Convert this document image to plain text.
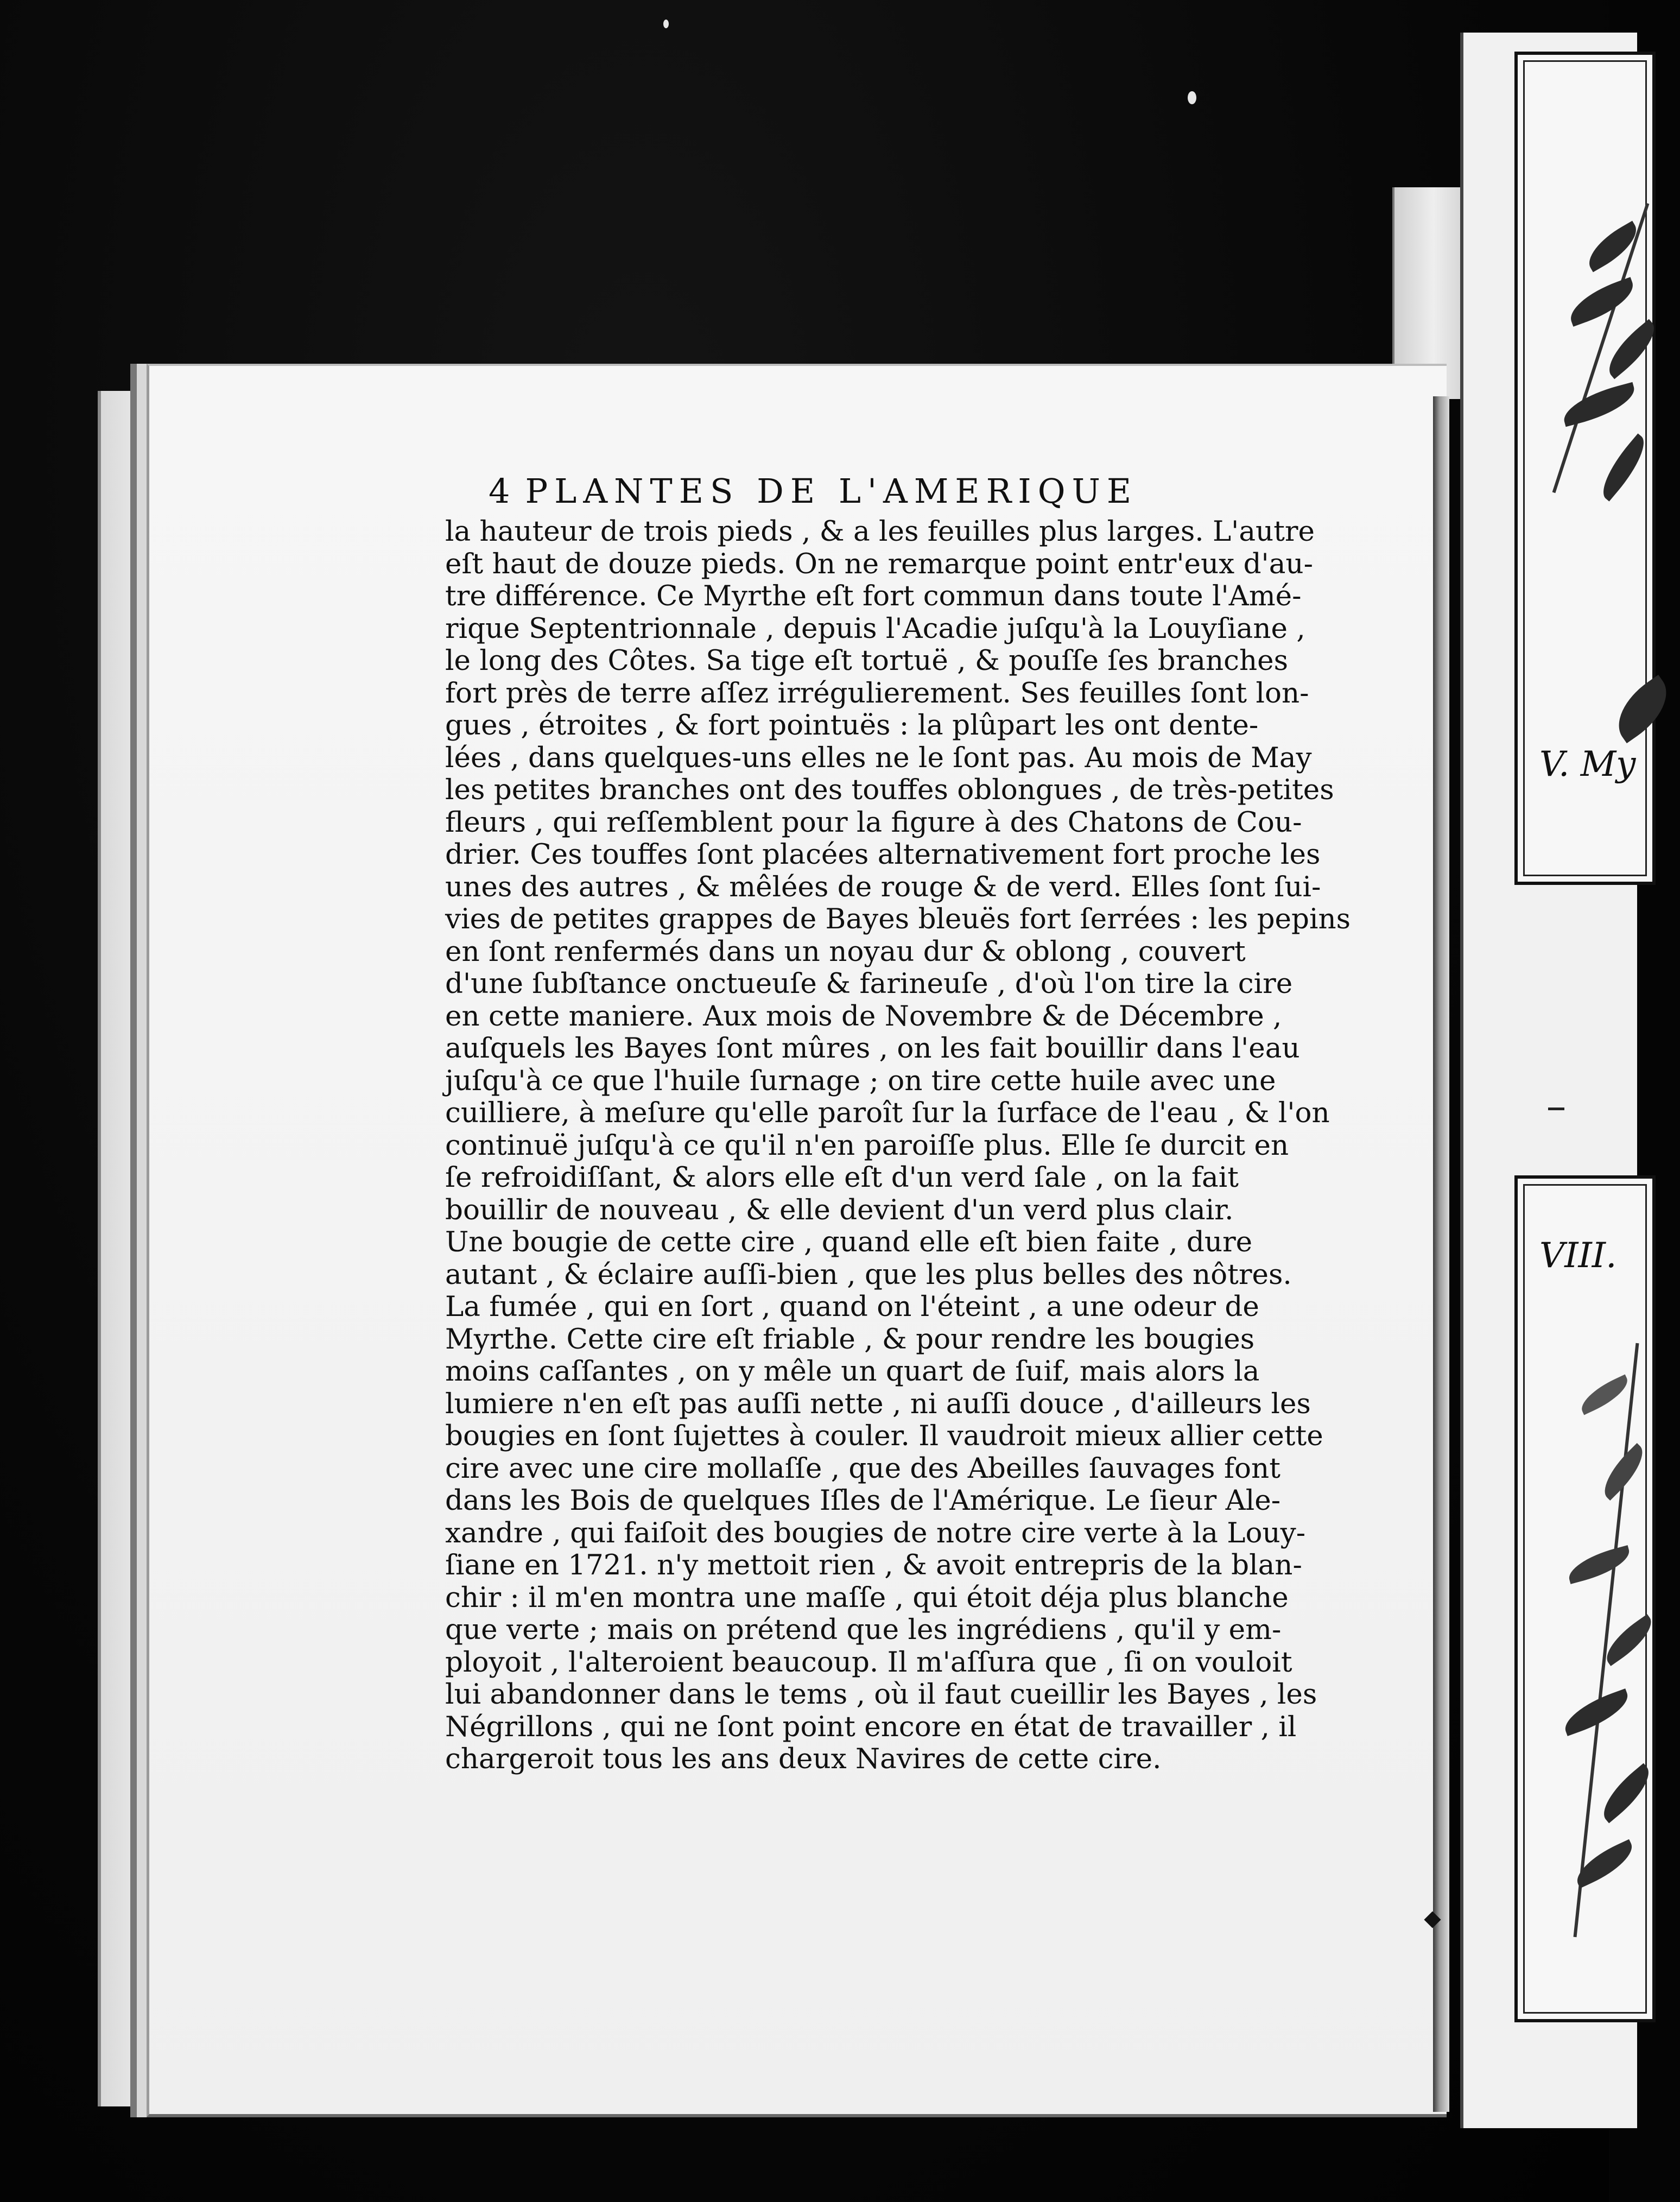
V. My
VIII.
4 PLANTES DE L'AMERIQUE
la hauteur de trois pieds , & a les feuilles plus larges. L'autre
eſt haut de douze pieds. On ne remarque point entr'eux d'au-
tre différence. Ce Myrthe eſt fort commun dans toute l'Amé-
rique Septentrionnale , depuis l'Acadie juſqu'à la Louyſiane ,
le long des Côtes. Sa tige eſt tortuë , & pouſſe ſes branches
fort près de terre aſſez irrégulierement. Ses feuilles ſont lon-
gues , étroites , & fort pointuës : la plûpart les ont dente-
lées , dans quelques-uns elles ne le ſont pas. Au mois de May
les petites branches ont des touffes oblongues , de très-petites
fleurs , qui reſſemblent pour la figure à des Chatons de Cou-
drier. Ces touffes ſont placées alternativement fort proche les
unes des autres , & mêlées de rouge & de verd. Elles ſont ſui-
vies de petites grappes de Bayes bleuës fort ſerrées : les pepins
en ſont renfermés dans un noyau dur & oblong , couvert
d'une ſubſtance onctueuſe & farineuſe , d'où l'on tire la cire
en cette maniere. Aux mois de Novembre & de Décembre ,
auſquels les Bayes ſont mûres , on les fait bouillir dans l'eau
juſqu'à ce que l'huile ſurnage ; on tire cette huile avec une
cuilliere, à meſure qu'elle paroît ſur la ſurface de l'eau , & l'on
continuë juſqu'à ce qu'il n'en paroiſſe plus. Elle ſe durcit en
ſe refroidiſſant, & alors elle eſt d'un verd ſale , on la fait
bouillir de nouveau , & elle devient d'un verd plus clair.
Une bougie de cette cire , quand elle eſt bien faite , dure
autant , & éclaire auſſi-bien , que les plus belles des nôtres.
La fumée , qui en ſort , quand on l'éteint , a une odeur de
Myrthe. Cette cire eſt friable , & pour rendre les bougies
moins caſſantes , on y mêle un quart de ſuif, mais alors la
lumiere n'en eſt pas auſſi nette , ni auſſi douce , d'ailleurs les
bougies en ſont ſujettes à couler. Il vaudroit mieux allier cette
cire avec une cire mollaſſe , que des Abeilles ſauvages font
dans les Bois de quelques Iſles de l'Amérique. Le ſieur Ale-
xandre , qui faiſoit des bougies de notre cire verte à la Louy-
ſiane en 1721. n'y mettoit rien , & avoit entrepris de la blan-
chir : il m'en montra une maſſe , qui étoit déja plus blanche
que verte ; mais on prétend que les ingrédiens , qu'il y em-
ployoit , l'alteroient beaucoup. Il m'aſſura que , ſi on vouloit
lui abandonner dans le tems , où il faut cueillir les Bayes , les
Négrillons , qui ne ſont point encore en état de travailler , il
chargeroit tous les ans deux Navires de cette cire.
